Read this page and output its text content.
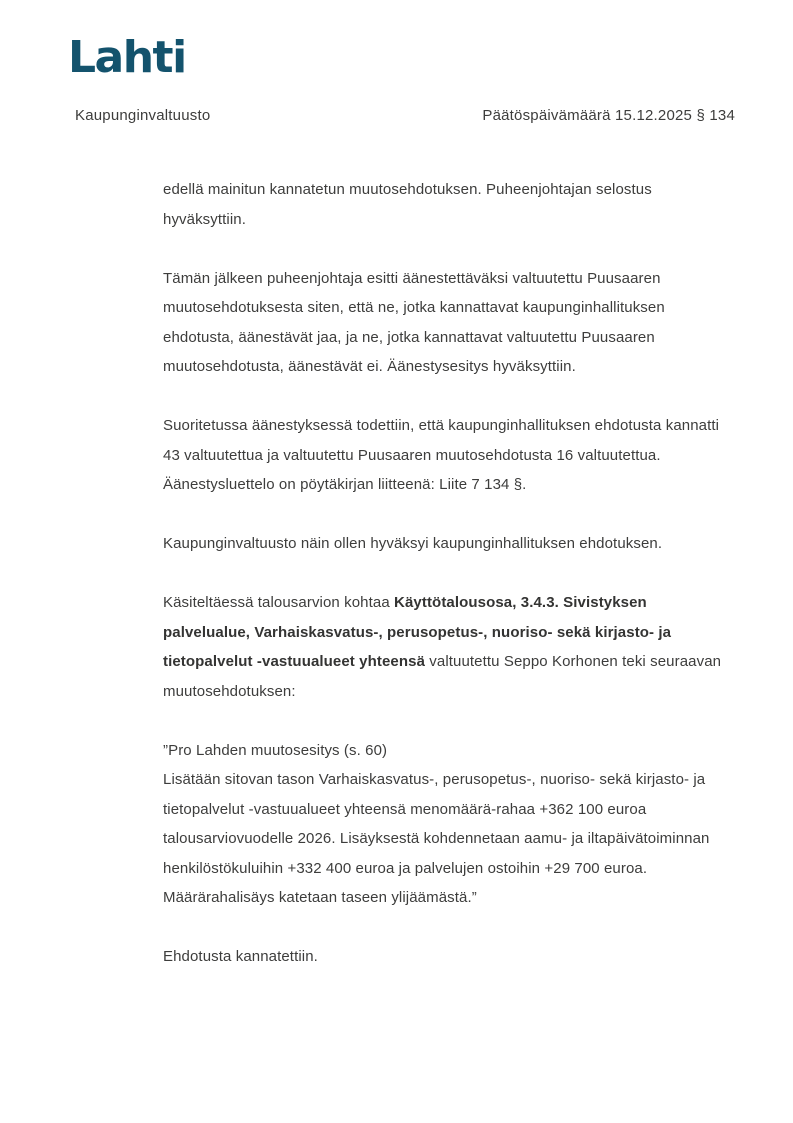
Lahti
Kaupunginvaltuusto	Päätöspäivämäärä 15.12.2025 § 134

edellä mainitun kannatetun muutosehdotuksen. Puheenjohtajan selostus hyväksyttiin.

Tämän jälkeen puheenjohtaja esitti äänestettäväksi valtuutettu Puusaaren muutosehdotuksesta siten, että ne, jotka kannattavat kaupunginhallituksen ehdotusta, äänestävät jaa, ja ne, jotka kannattavat valtuutettu Puusaaren muutosehdotusta, äänestävät ei. Äänestysesitys hyväksyttiin.

Suoritetussa äänestyksessä todettiin, että kaupunginhallituksen ehdotusta kannatti 43 valtuutettua ja valtuutettu Puusaaren muutosehdotusta 16 valtuutettua. Äänestysluettelo on pöytäkirjan liitteenä: Liite 7 134 §.

Kaupunginvaltuusto näin ollen hyväksyi kaupunginhallituksen ehdotuksen.

Käsiteltäessä talousarvion kohtaa Käyttötalousosa, 3.4.3. Sivistyksen palvelualue, Varhaiskasvatus-, perusopetus-, nuoriso- sekä kirjasto- ja tietopalvelut -vastuualueet yhteensä valtuutettu Seppo Korhonen teki seuraavan muutosehdotuksen:

”Pro Lahden muutosesitys (s. 60)
Lisätään sitovan tason Varhaiskasvatus-, perusopetus-, nuoriso- sekä kirjasto- ja tietopalvelut -vastuualueet yhteensä menomäärä-rahaa +362 100 euroa talousarviovuodelle 2026. Lisäyksestä kohdennetaan aamu- ja iltapäivätoiminnan henkilöstökuluihin +332 400 euroa ja palvelujen ostoihin +29 700 euroa. Määrärahalisäys katetaan taseen ylijäämästä.”

Ehdotusta kannatettiin.
